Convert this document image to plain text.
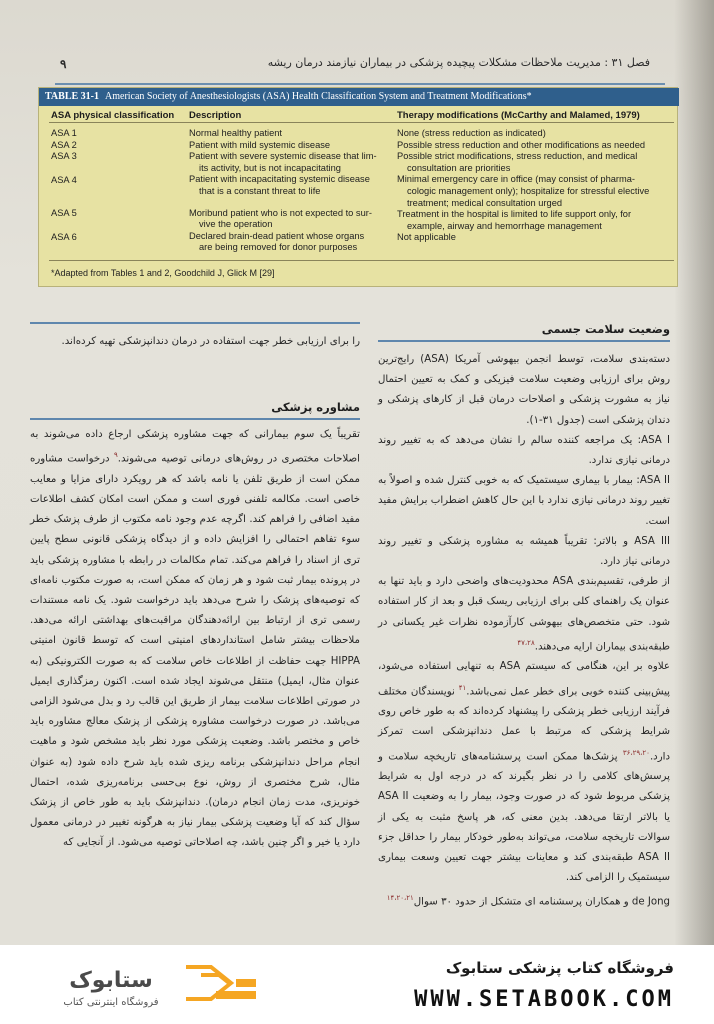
۹	فصل ۳۱ : مدیریت ملاحظات مشکلات پیچیده پزشکی در بیماران نیازمند درمان ریشه
TABLE 31-1 American Society of Anesthesiologists (ASA) Health Classification System and Treatment Modifications*
ASA physical classification Description	Therapy modifications (McCarthy and Malamed, 1979)
ASA 1
ASA 2
ASA 3
ASA 4
ASA 5
ASA 6
Normal healthy patient
Patient with mild systemic disease
Patient with severe systemic disease that lim-
its activity, but is not incapacitating
Patient with incapacitating systemic disease
that is a constant threat to life
Moribund patient who is not expected to sur-
vive the operation
Declared brain-dead patient whose organs
are being removed for donor purposes
None (stress reduction as indicated)
Possible stress reduction and other modifications as needed
Possible strict modifications, stress reduction, and medical
consultation are priorities
Minimal emergency care in office (may consist of pharma-
cologic management only); hospitalize for stressful elective
treatment; medical consultation urged
Treatment in the hospital is limited to life support only, for
example, airway and hemorrhage management
Not applicable
*Adapted from Tables 1 and 2, Goodchild J, Glick M [29]
وضعیت سلامت جسمی

دسته‌بندی سلامت، توسط انجمن بیهوشی آمریکا (ASA) رایج‌ترین روش برای ارزیابی وضعیت سلامت فیزیکی و کمک به تعیین احتمال نیاز به مشورت پزشکی و اصلاحات درمان قبل از کارهای پزشکی و دندان پزشکی است (جدول ۳۱-۱).

ASA I: یک مراجعه کننده سالم را نشان می‌دهد که به تغییر روند درمانی نیازی ندارد.

ASA II: بیمار با بیماری سیستمیک که به خوبی کنترل شده و اصولاً به تغییر روند درمانی نیازی ندارد با این حال کاهش اضطراب برایش مفید است.

ASA III و بالاتر: تقریباً همیشه به مشاوره پزشکی و تغییر روند درمانی نیاز دارد.

از طرفی، تقسیم‌بندی ASA محدودیت‌های واضحی دارد و باید تنها به عنوان یک راهنمای کلی برای ارزیابی ریسک قبل و بعد از کار استفاده شود. حتی متخصص‌های بیهوشی کارآزموده نظرات غیر یکسانی در طبقه‌بندی بیماران ارایه می‌دهند.$^{۴۷،۲۸}$

علاوه بر این، هنگامی که سیستم ASA به تنهایی استفاده می‌شود، پیش‌بینی کننده خوبی برای خطر عمل نمی‌باشد.$^{۴۱}$ نویسندگان مختلف فرآیند ارزیابی خطر پزشکی را پیشنهاد کرده‌اند که به طور خاص روی شرایط پزشکی که مرتبط با عمل دندانپزشکی است تمرکز دارد.$^{۳۶،۲۹،۲۰}$ پزشک‌ها ممکن است پرسشنامه‌های تاریخچه سلامت و پرسش‌های کلامی را در نظر بگیرند که در درجه اول به شرایط پزشکی مربوط شود که در صورت وجود، بیمار را به وضعیت ASA II یا بالاتر ارتقا می‌دهد. بدین معنی که، هر پاسخ مثبت به یکی از سوالات تاریخچه سلامت، می‌تواند به‌طور خودکار بیمار را حداقل جزء ASA II طبقه‌بندی کند و معاینات بیشتر جهت تعیین وسعت بیماری سیستمیک را الزامی کند.

de Jong و همکاران پرسشنامه ای متشکل از حدود ۳۰ سوال$^{۱۴،۲۰،۲۱}$

را برای ارزیابی خطر جهت استفاده در درمان دندانپزشکی تهیه کرده‌اند.

مشاوره پزشکی

تقریباً یک سوم بیمارانی که جهت مشاوره پزشکی ارجاع داده می‌شوند به اصلاحات مختصری در روش‌های درمانی توصیه می‌شوند.$^۹$ درخواست مشاوره ممکن است از طریق تلفن یا نامه باشد که هر رویکرد دارای مزایا و معایب خاصی است. مکالمه تلفنی فوری است و ممکن است امکان کشف اطلاعات مفید اضافی را فراهم کند. اگرچه عدم وجود نامه مکتوب از طرف پزشک خطر سوء تفاهم احتمالی را افزایش داده و از دیدگاه پزشکی قانونی سطح پایین تری از اسناد را فراهم می‌کند. تمام مکالمات در رابطه با مشاوره پزشکی باید در پرونده بیمار ثبت شود و هر زمان که ممکن است، به صورت مکتوب نامه‌ای که توصیه‌های پزشک را شرح می‌دهد باید درخواست شود. یک نامه مستندات رسمی تری از ارتباط بین ارائه‌دهندگان مراقبت‌های بهداشتی ارائه می‌دهد. ملاحظات بیشتر شامل استانداردهای امنیتی است که توسط قانون امنیتی HIPPA جهت حفاظت از اطلاعات خاص سلامت که به صورت الکترونیکی (به عنوان مثال، ایمیل) منتقل می‌شوند ایجاد شده است. اکنون رمزگذاری ایمیل در صورتی اطلاعات سلامت بیمار از طریق این قالب رد و بدل می‌شود الزامی می‌باشد. در صورت درخواست مشاوره پزشکی از پزشک معالج مشاوره باید خاص و مختصر باشد. وضعیت پزشکی مورد نظر باید مشخص شود و ماهیت انجام مراحل دندانپزشکی برنامه ریزی شده باید شرح داده شود (به عنوان مثال، شرح مختصری از روش، نوع بی‌حسی برنامه‌ریزی شده، احتمال خونریزی، مدت زمان انجام درمان). دندانپزشک باید به طور خاص از پزشک سؤال کند که آیا وضعیت پزشکی بیمار نیاز به هرگونه تغییر در درمانی معمول دارد یا خیر و اگر چنین باشد، چه اصلاحاتی توصیه می‌شود. از آنجایی که

ستابوک
فروشگاه اینترنتی کتاب
فروشگاه کتاب پزشکی ستابوک
WWW.SETABOOK.COM
